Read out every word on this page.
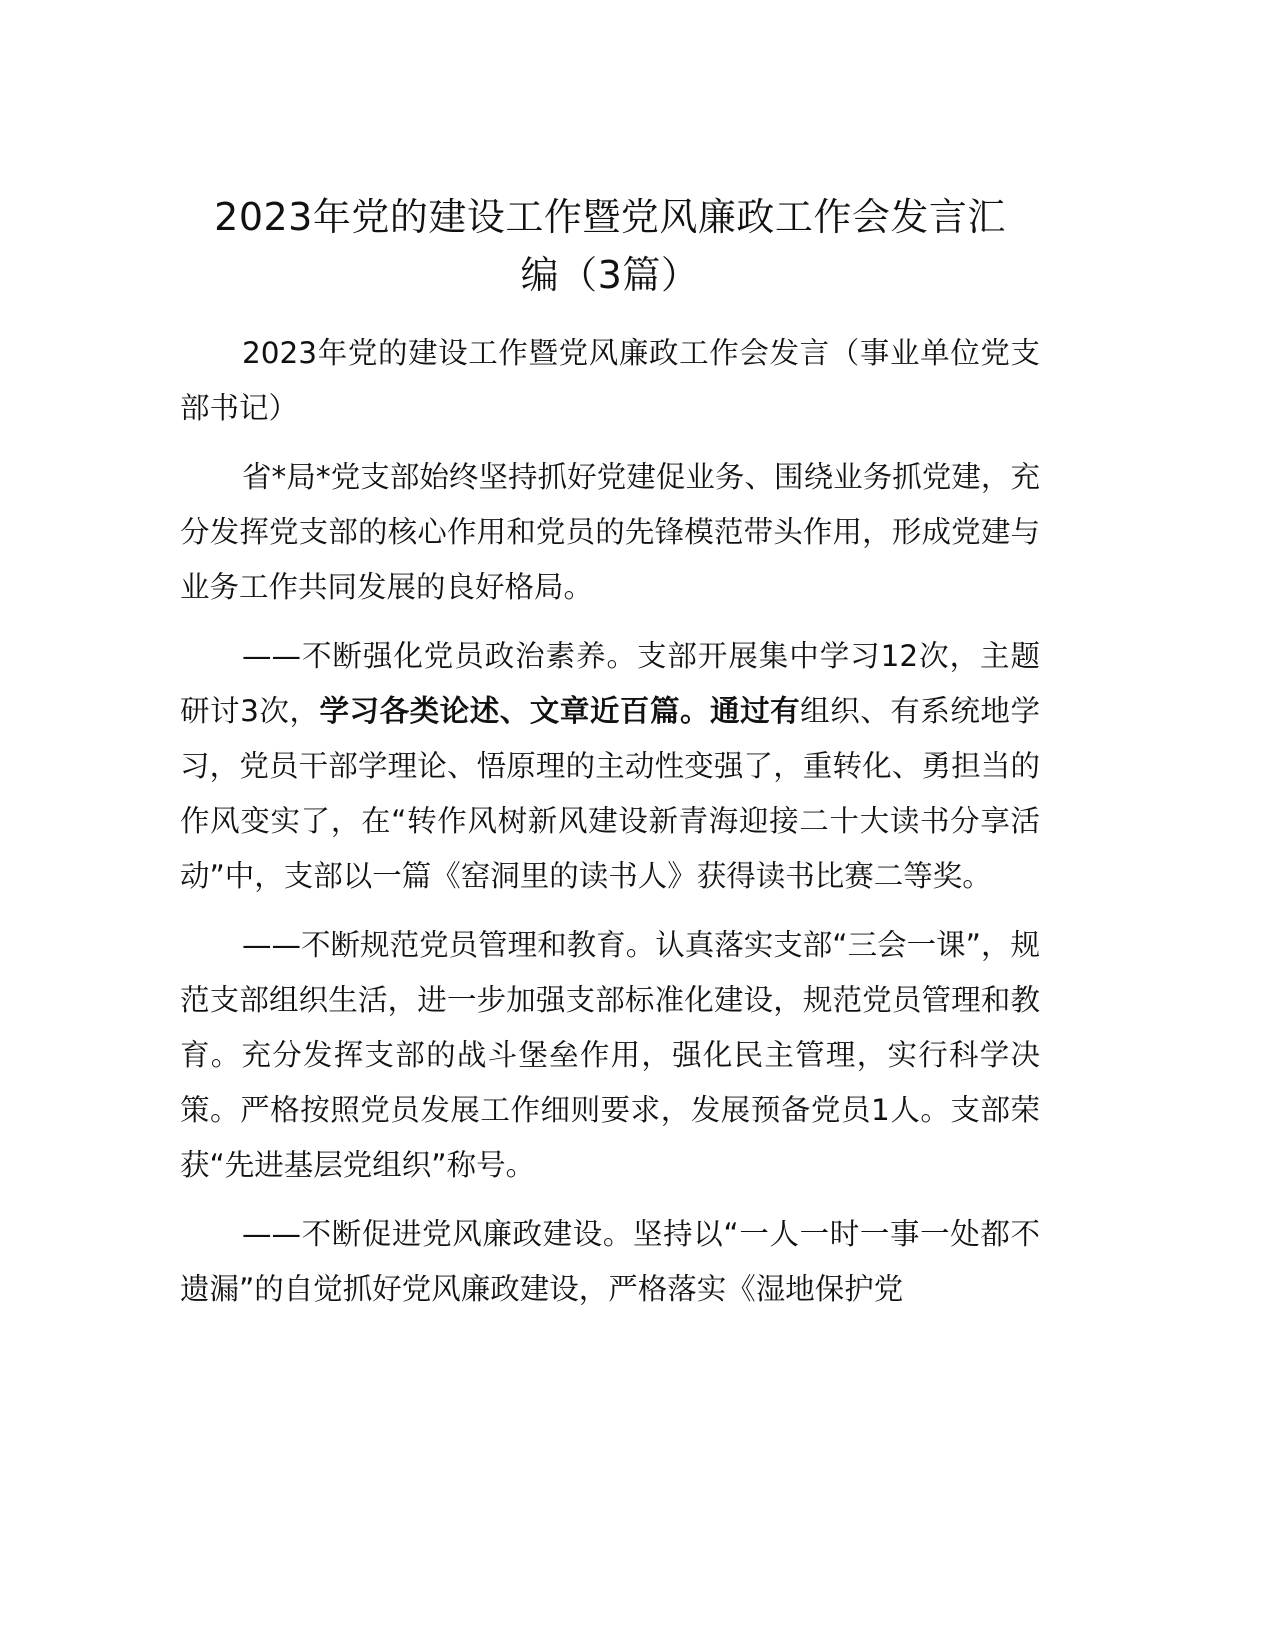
2023年党的建设工作暨党风廉政工作会发言汇
编（3篇）

2023年党的建设工作暨党风廉政工作会发言（事业单位党支部书记）

省*局*党支部始终坚持抓好党建促业务、围绕业务抓党建，充分发挥党支部的核心作用和党员的先锋模范带头作用，形成党建与业务工作共同发展的良好格局。

——不断强化党员政治素养。支部开展集中学习12次，主题研讨3次，学习各类论述、文章近百篇。通过有组织、有系统地学习，党员干部学理论、悟原理的主动性变强了，重转化、勇担当的作风变实了，在“转作风树新风建设新青海迎接二十大读书分享活动”中，支部以一篇《窑洞里的读书人》获得读书比赛二等奖。

——不断规范党员管理和教育。认真落实支部“三会一课”，规范支部组织生活，进一步加强支部标准化建设，规范党员管理和教育。充分发挥支部的战斗堡垒作用，强化民主管理，实行科学决策。严格按照党员发展工作细则要求，发展预备党员1人。支部荣获“先进基层党组织”称号。

——不断促进党风廉政建设。坚持以“一人一时一事一处都不遗漏”的自觉抓好党风廉政建设，严格落实《湿地保护党
